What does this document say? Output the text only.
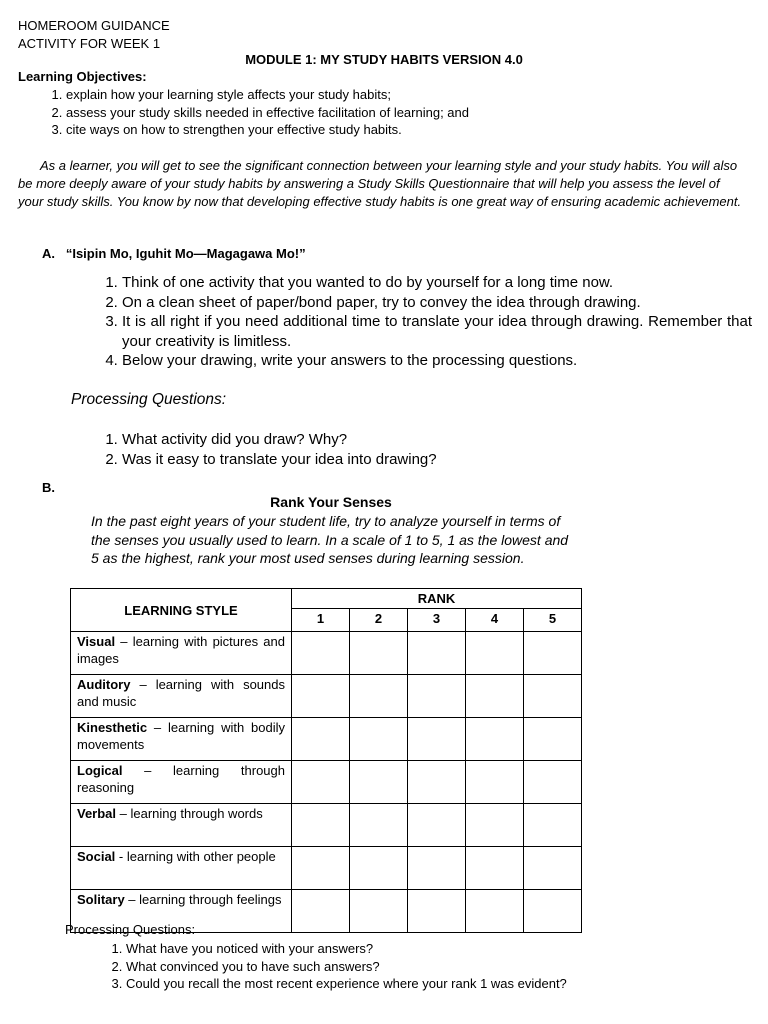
HOMEROOM GUIDANCE
ACTIVITY FOR WEEK 1
MODULE 1: MY STUDY HABITS VERSION 4.0
Learning Objectives:
1. explain how your learning style affects your study habits;
2. assess your study skills needed in effective facilitation of learning; and
3. cite ways on how to strengthen your effective study habits.

As a learner, you will get to see the significant connection between your learning style and your study habits. You will also be more deeply aware of your study habits by answering a Study Skills Questionnaire that will help you assess the level of your study skills. You know by now that developing effective study habits is one great way of ensuring academic achievement.

A. “Isipin Mo, Iguhit Mo—Magagawa Mo!”
1. Think of one activity that you wanted to do by yourself for a long time now.
2. On a clean sheet of paper/bond paper, try to convey the idea through drawing.
3. It is all right if you need additional time to translate your idea through drawing. Remember that your creativity is limitless.
4. Below your drawing, write your answers to the processing questions.
Processing Questions:
1. What activity did you draw? Why?
2. Was it easy to translate your idea into drawing?
B.
Rank Your Senses

In the past eight years of your student life, try to analyze yourself in terms of the senses you usually used to learn. In a scale of 1 to 5, 1 as the lowest and 5 as the highest, rank your most used senses during learning session.

LEARNING STYLE	RANK				
	1	2	3	4	5

Visual – learning with pictures and images					

Auditory – learning with sounds and music					

Kinesthetic – learning with bodily movements					

Logical – learning through reasoning					

Verbal – learning through words					

Social - learning with other people					

Solitary – learning through feelings					

Processing Questions:
1. What have you noticed with your answers?
2. What convinced you to have such answers?
3. Could you recall the most recent experience where your rank 1 was evident?
